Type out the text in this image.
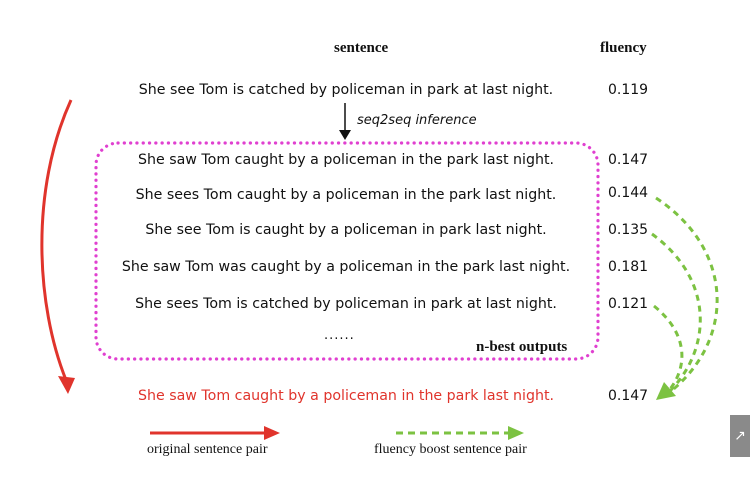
sentence	fluency
She see Tom is catched by policeman in park at last night.	0.119
seq2seq inference
She saw Tom caught by a policeman in the park last night.	0.147
She sees Tom caught by a policeman in the park last night.	0.144
She see Tom is caught by a policeman in park last night.	0.135
She saw Tom was caught by a policeman in the park last night.	0.181
She sees Tom is catched by policeman in park at last night.	0.121
......
n-best outputs
She saw Tom caught by a policeman in the park last night.	0.147
original sentence pair	fluency boost sentence pair
↗
